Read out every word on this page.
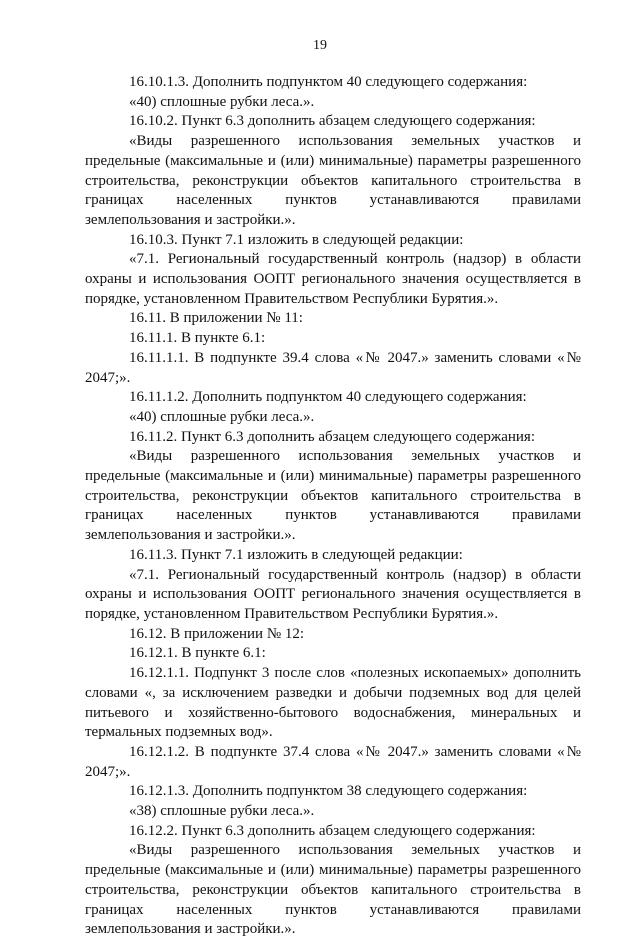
19

16.10.1.3. Дополнить подпунктом 40 следующего содержания:

«40) сплошные рубки леса.».

16.10.2. Пункт 6.3 дополнить абзацем следующего содержания:

«Виды разрешенного использования земельных участков и предельные (максимальные и (или) минимальные) параметры разрешенного строительства, реконструкции объектов капитального строительства в границах населенных пунктов устанавливаются правилами землепользования и застройки.».

16.10.3. Пункт 7.1 изложить в следующей редакции:

«7.1. Региональный государственный контроль (надзор) в области охраны и использования ООПТ регионального значения осуществляется в порядке, установленном Правительством Республики Бурятия.».

16.11. В приложении № 11:

16.11.1. В пункте 6.1:

16.11.1.1. В подпункте 39.4 слова «№ 2047.» заменить словами «№ 2047;».

16.11.1.2. Дополнить подпунктом 40 следующего содержания:

«40) сплошные рубки леса.».

16.11.2. Пункт 6.3 дополнить абзацем следующего содержания:

«Виды разрешенного использования земельных участков и предельные (максимальные и (или) минимальные) параметры разрешенного строительства, реконструкции объектов капитального строительства в границах населенных пунктов устанавливаются правилами землепользования и застройки.».

16.11.3. Пункт 7.1 изложить в следующей редакции:

«7.1. Региональный государственный контроль (надзор) в области охраны и использования ООПТ регионального значения осуществляется в порядке, установленном Правительством Республики Бурятия.».

16.12. В приложении № 12:

16.12.1. В пункте 6.1:

16.12.1.1. Подпункт 3 после слов «полезных ископаемых» дополнить словами «, за исключением разведки и добычи подземных вод для целей питьевого и хозяйственно-бытового водоснабжения, минеральных и термальных подземных вод».

16.12.1.2. В подпункте 37.4 слова «№ 2047.» заменить словами «№ 2047;».

16.12.1.3. Дополнить подпунктом 38 следующего содержания:

«38) сплошные рубки леса.».

16.12.2. Пункт 6.3 дополнить абзацем следующего содержания:

«Виды разрешенного использования земельных участков и предельные (максимальные и (или) минимальные) параметры разрешенного строительства, реконструкции объектов капитального строительства в границах населенных пунктов устанавливаются правилами землепользования и застройки.».
